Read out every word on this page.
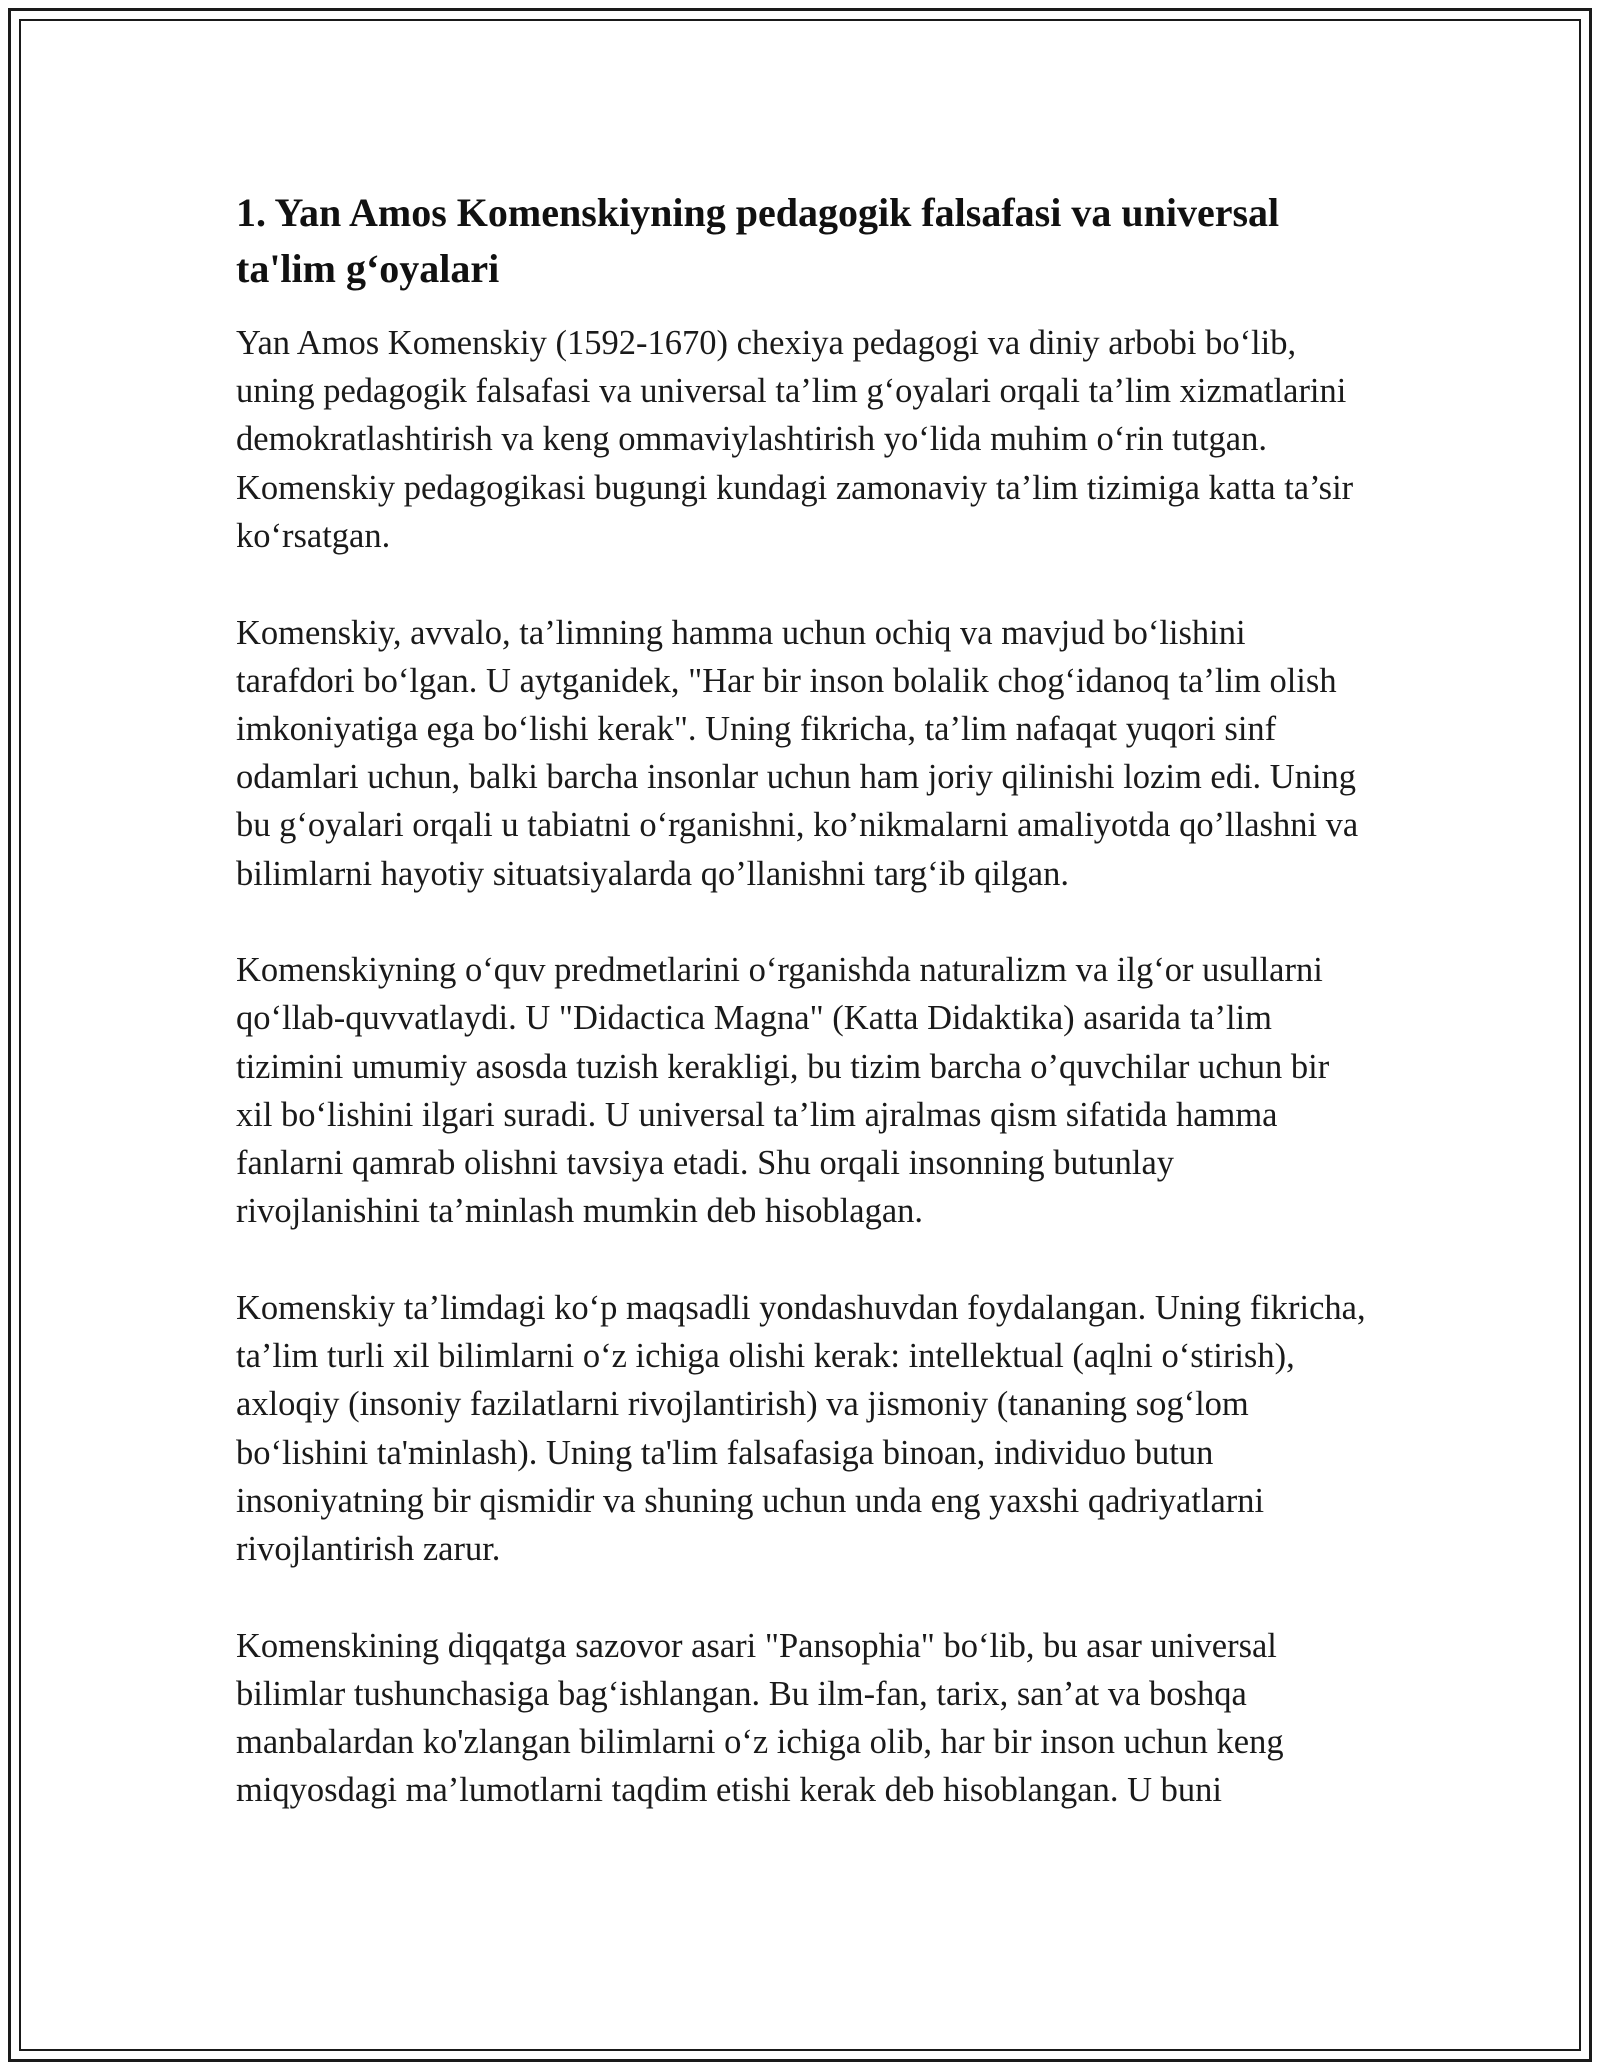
1. Yan Amos Komenskiyning pedagogik falsafasi va universal ta'lim g‘oyalari

Yan Amos Komenskiy (1592-1670) chexiya pedagogi va diniy arbobi bo‘lib, uning pedagogik falsafasi va universal ta’lim g‘oyalari orqali ta’lim xizmatlarini demokratlashtirish va keng ommaviylashtirish yo‘lida muhim o‘rin tutgan. Komenskiy pedagogikasi bugungi kundagi zamonaviy ta’lim tizimiga katta ta’sir ko‘rsatgan.

Komenskiy, avvalo, ta’limning hamma uchun ochiq va mavjud bo‘lishini tarafdori bo‘lgan. U aytganidek, "Har bir inson bolalik chog‘idanoq ta’lim olish imkoniyatiga ega bo‘lishi kerak". Uning fikricha, ta’lim nafaqat yuqori sinf odamlari uchun, balki barcha insonlar uchun ham joriy qilinishi lozim edi. Uning bu g‘oyalari orqali u tabiatni o‘rganishni, ko’nikmalarni amaliyotda qo’llashni va bilimlarni hayotiy situatsiyalarda qo’llanishni targ‘ib qilgan.

Komenskiyning o‘quv predmetlarini o‘rganishda naturalizm va ilg‘or usullarni qo‘llab-quvvatlaydi. U "Didactica Magna" (Katta Didaktika) asarida ta’lim tizimini umumiy asosda tuzish kerakligi, bu tizim barcha o’quvchilar uchun bir xil bo‘lishini ilgari suradi. U universal ta’lim ajralmas qism sifatida hamma fanlarni qamrab olishni tavsiya etadi. Shu orqali insonning butunlay rivojlanishini ta’minlash mumkin deb hisoblagan.

Komenskiy ta’limdagi ko‘p maqsadli yondashuvdan foydalangan. Uning fikricha, ta’lim turli xil bilimlarni o‘z ichiga olishi kerak: intellektual (aqlni o‘stirish), axloqiy (insoniy fazilatlarni rivojlantirish) va jismoniy (tananing sog‘lom bo‘lishini ta'minlash). Uning ta'lim falsafasiga binoan, individuo butun insoniyatning bir qismidir va shuning uchun unda eng yaxshi qadriyatlarni rivojlantirish zarur.

Komenskining diqqatga sazovor asari "Pansophia" bo‘lib, bu asar universal bilimlar tushunchasiga bag‘ishlangan. Bu ilm-fan, tarix, san’at va boshqa manbalardan ko'zlangan bilimlarni o‘z ichiga olib, har bir inson uchun keng miqyosdagi ma’lumotlarni taqdim etishi kerak deb hisoblangan. U buni
